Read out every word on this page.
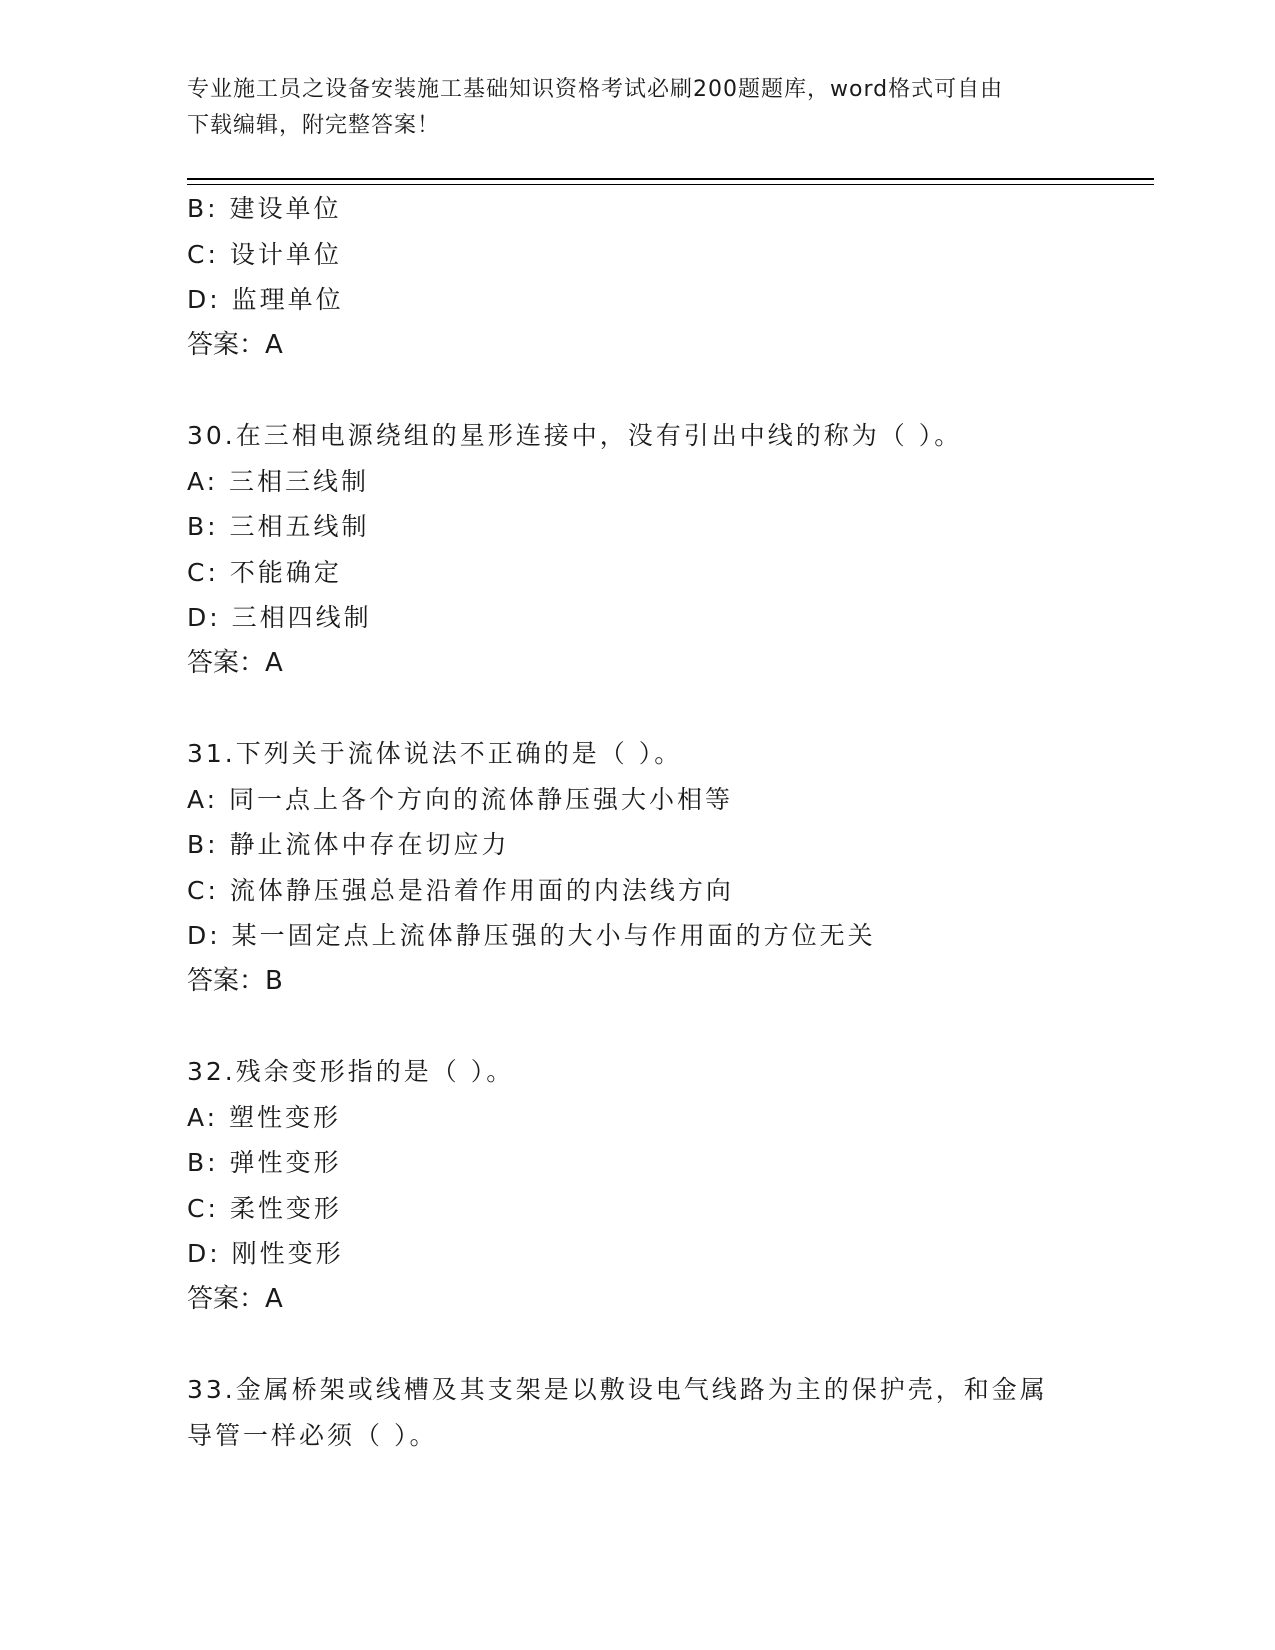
专业施工员之设备安装施工基础知识资格考试必刷200题题库，word格式可自由
下载编辑，附完整答案！
B: 建设单位
C: 设计单位
D: 监理单位
答案：A
30.在三相电源绕组的星形连接中，没有引出中线的称为（ ）。
A: 三相三线制
B: 三相五线制
C: 不能确定
D: 三相四线制
答案：A
31.下列关于流体说法不正确的是（ ）。
A: 同一点上各个方向的流体静压强大小相等
B: 静止流体中存在切应力
C: 流体静压强总是沿着作用面的内法线方向
D: 某一固定点上流体静压强的大小与作用面的方位无关
答案：B
32.残余变形指的是（ ）。
A: 塑性变形
B: 弹性变形
C: 柔性变形
D: 刚性变形
答案：A
33.金属桥架或线槽及其支架是以敷设电气线路为主的保护壳，和金属
导管一样必须（ ）。
